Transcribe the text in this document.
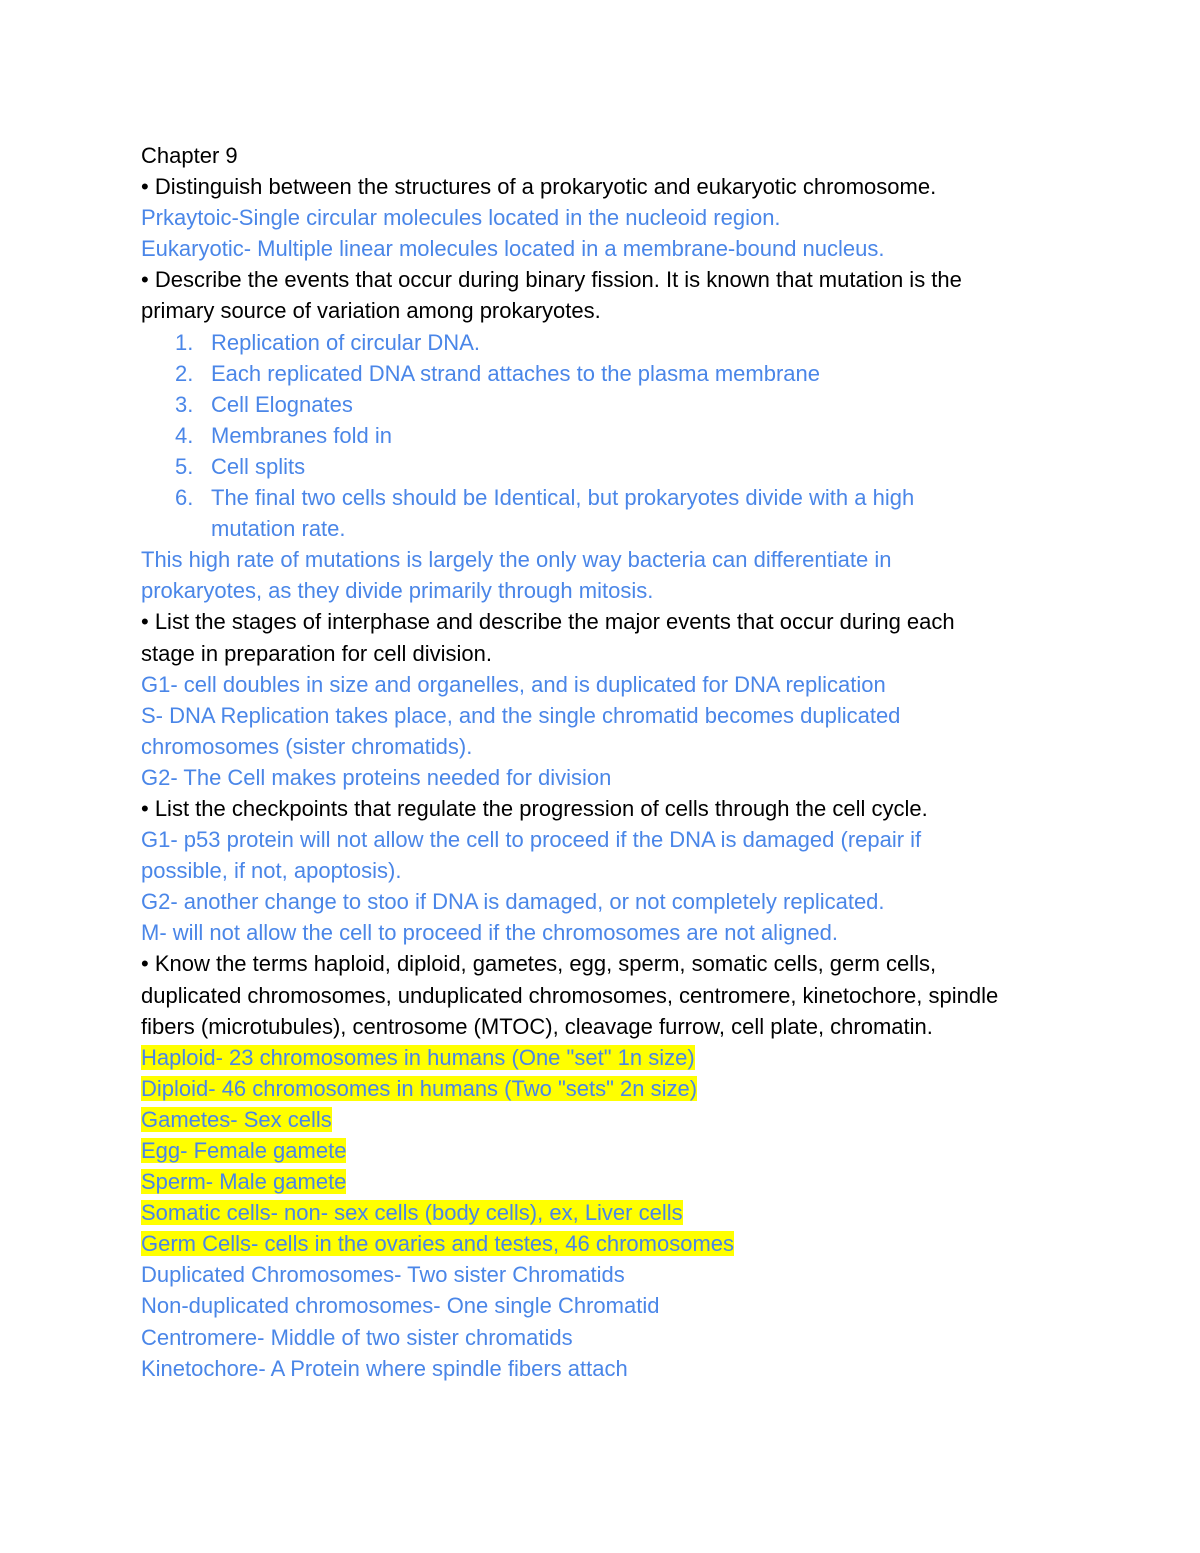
Chapter 9
• Distinguish between the structures of a prokaryotic and eukaryotic chromosome.
Prkaytoic-Single circular molecules located in the nucleoid region.
Eukaryotic- Multiple linear molecules located in a membrane-bound nucleus.
• Describe the events that occur during binary fission. It is known that mutation is the
primary source of variation among prokaryotes.
1. Replication of circular DNA.
2. Each replicated DNA strand attaches to the plasma membrane
3. Cell Elognates
4. Membranes fold in
5. Cell splits
6. The final two cells should be Identical, but prokaryotes divide with a high
mutation rate.
This high rate of mutations is largely the only way bacteria can differentiate in
prokaryotes, as they divide primarily through mitosis.
• List the stages of interphase and describe the major events that occur during each
stage in preparation for cell division.
G1- cell doubles in size and organelles, and is duplicated for DNA replication
S- DNA Replication takes place, and the single chromatid becomes duplicated
chromosomes (sister chromatids).
G2- The Cell makes proteins needed for division
• List the checkpoints that regulate the progression of cells through the cell cycle.
G1- p53 protein will not allow the cell to proceed if the DNA is damaged (repair if
possible, if not, apoptosis).
G2- another change to stoo if DNA is damaged, or not completely replicated.
M- will not allow the cell to proceed if the chromosomes are not aligned.
• Know the terms haploid, diploid, gametes, egg, sperm, somatic cells, germ cells,
duplicated chromosomes, unduplicated chromosomes, centromere, kinetochore, spindle
fibers (microtubules), centrosome (MTOC), cleavage furrow, cell plate, chromatin.
Haploid- 23 chromosomes in humans (One "set" 1n size)
Diploid- 46 chromosomes in humans (Two "sets" 2n size)
Gametes- Sex cells
Egg- Female gamete
Sperm- Male gamete
Somatic cells- non- sex cells (body cells), ex, Liver cells
Germ Cells- cells in the ovaries and testes, 46 chromosomes
Duplicated Chromosomes- Two sister Chromatids
Non-duplicated chromosomes- One single Chromatid
Centromere- Middle of two sister chromatids
Kinetochore- A Protein where spindle fibers attach
